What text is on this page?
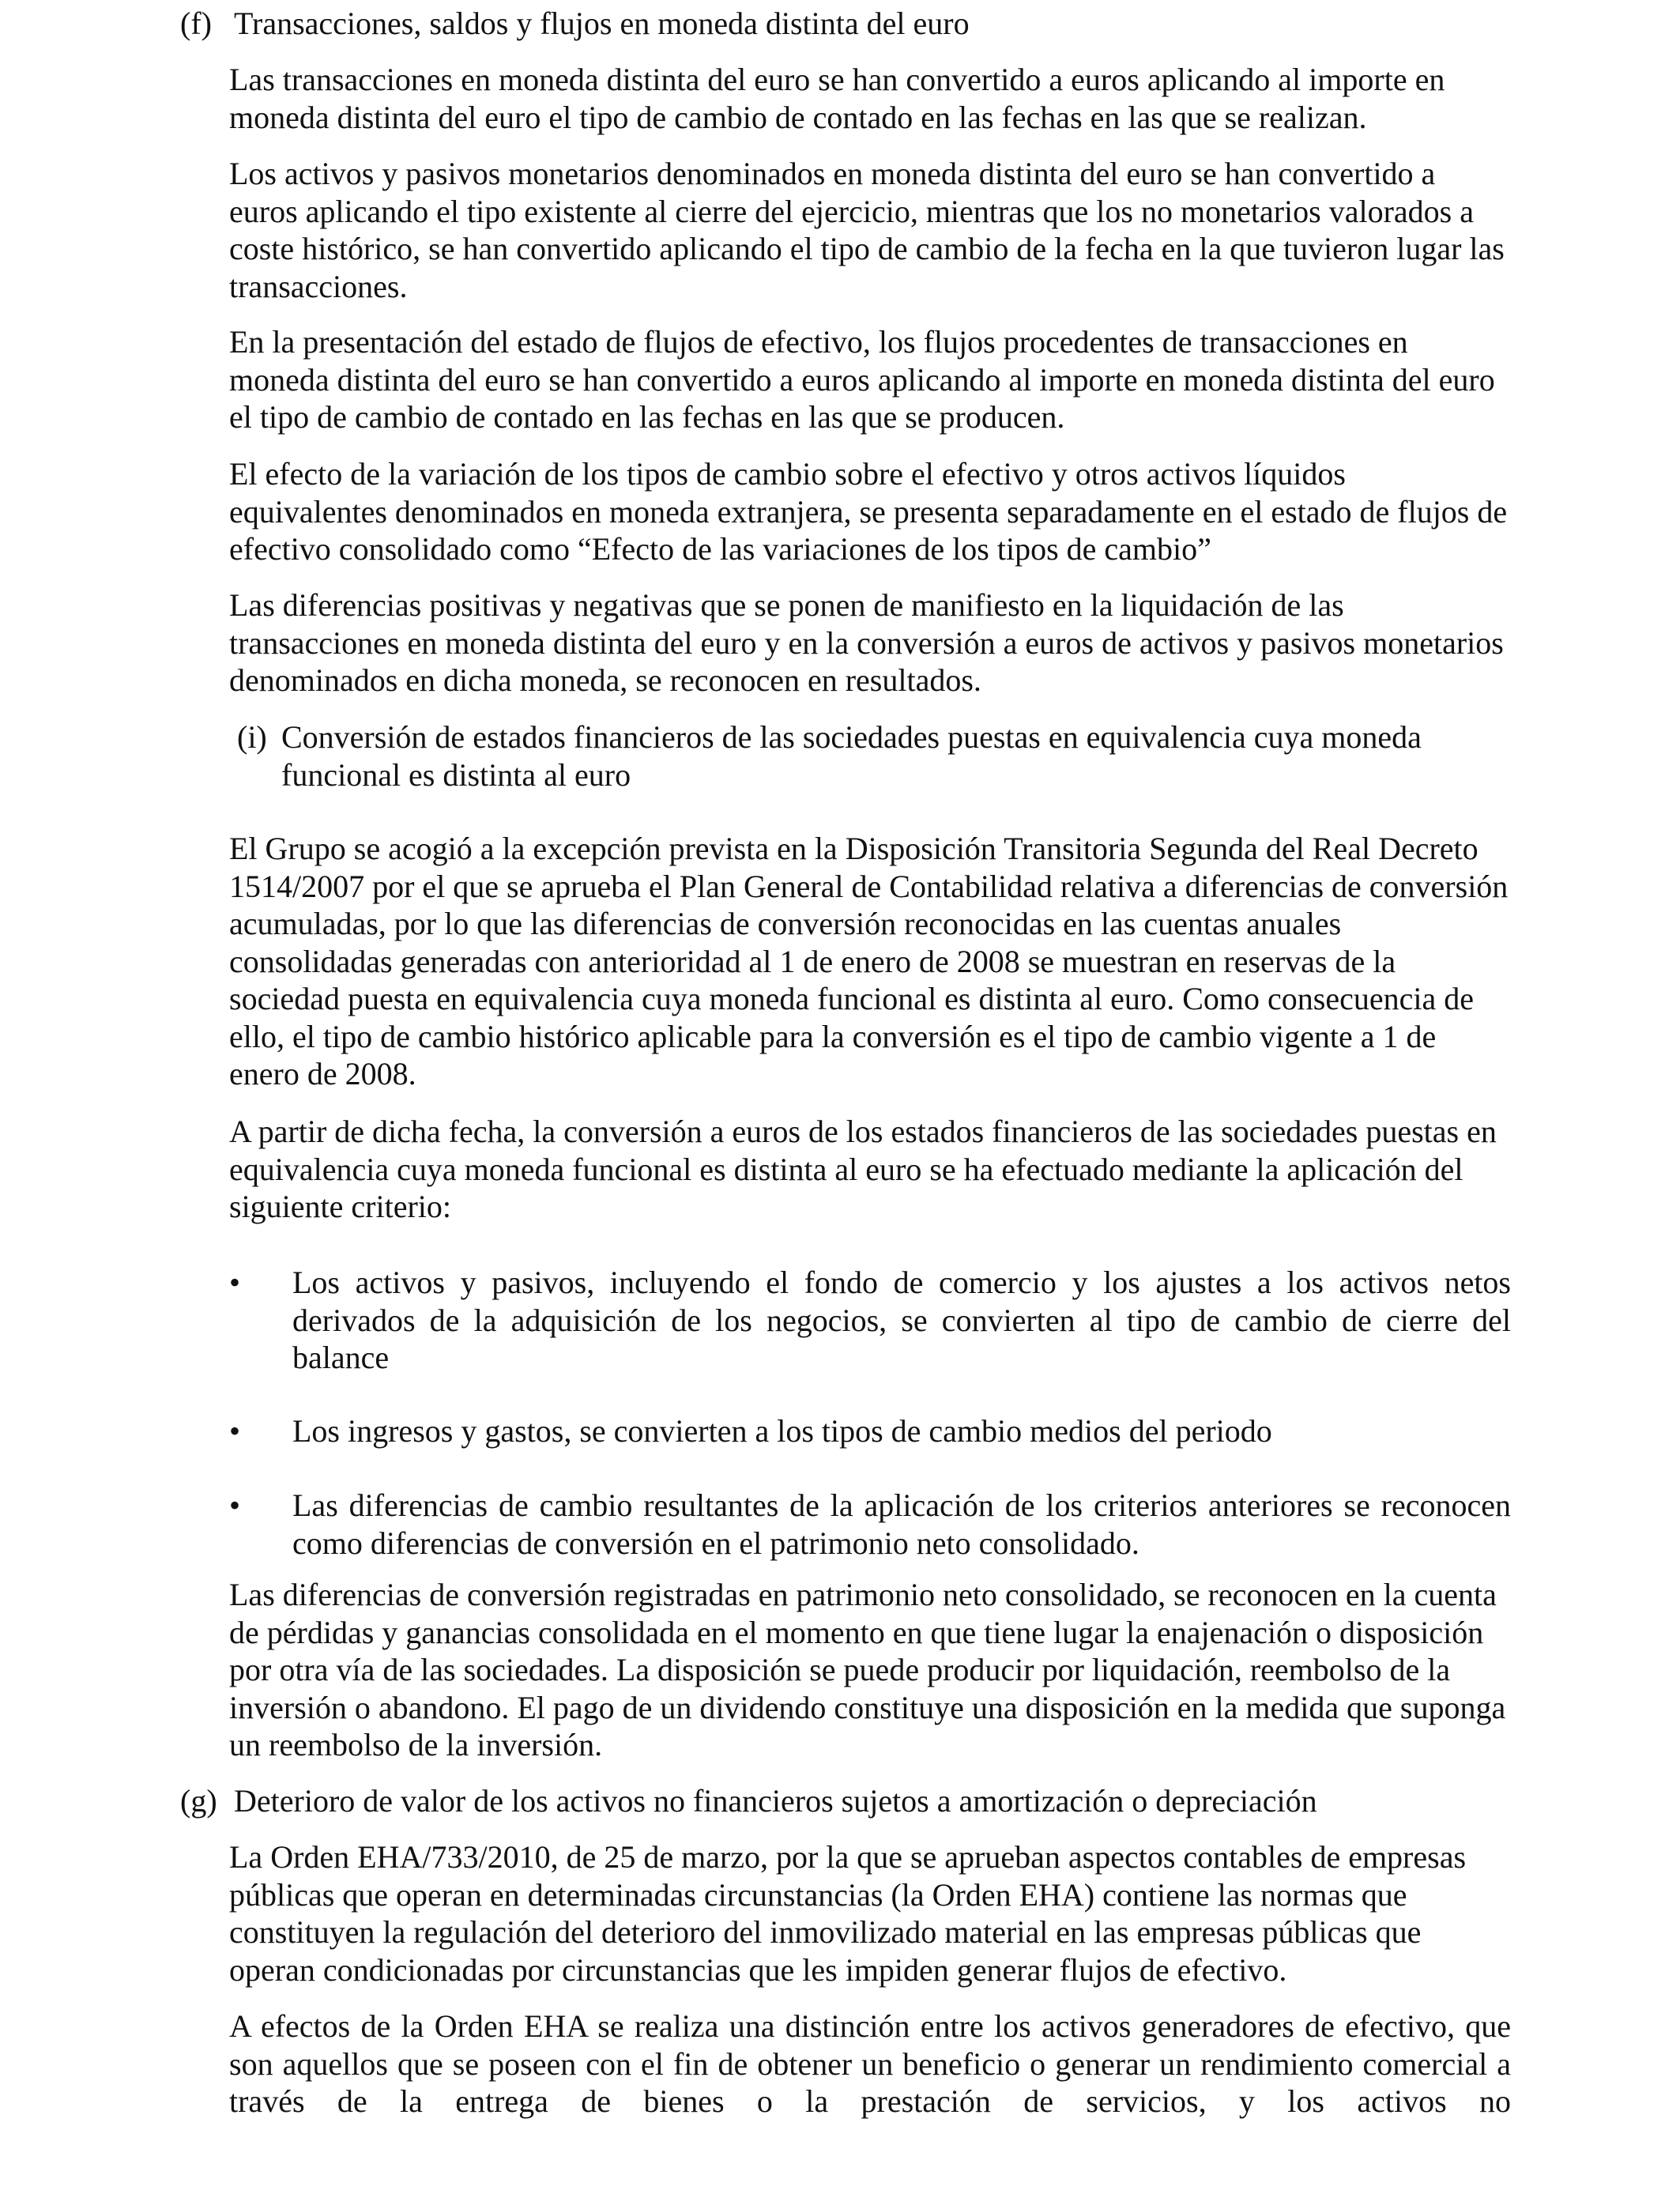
(f) Transacciones, saldos y flujos en moneda distinta del euro

Las transacciones en moneda distinta del euro se han convertido a euros aplicando al importe en moneda distinta del euro el tipo de cambio de contado en las fechas en las que se realizan.

Los activos y pasivos monetarios denominados en moneda distinta del euro se han convertido a euros aplicando el tipo existente al cierre del ejercicio, mientras que los no monetarios valorados a coste histórico, se han convertido aplicando el tipo de cambio de la fecha en la que tuvieron lugar las transacciones.

En la presentación del estado de flujos de efectivo, los flujos procedentes de transacciones en moneda distinta del euro se han convertido a euros aplicando al importe en moneda distinta del euro el tipo de cambio de contado en las fechas en las que se producen.

El efecto de la variación de los tipos de cambio sobre el efectivo y otros activos líquidos equivalentes denominados en moneda extranjera, se presenta separadamente en el estado de flujos de efectivo consolidado como “Efecto de las variaciones de los tipos de cambio”

Las diferencias positivas y negativas que se ponen de manifiesto en la liquidación de las transacciones en moneda distinta del euro y en la conversión a euros de activos y pasivos monetarios denominados en dicha moneda, se reconocen en resultados.

(i) Conversión de estados financieros de las sociedades puestas en equivalencia cuya moneda funcional es distinta al euro

El Grupo se acogió a la excepción prevista en la Disposición Transitoria Segunda del Real Decreto 1514/2007 por el que se aprueba el Plan General de Contabilidad relativa a diferencias de conversión acumuladas, por lo que las diferencias de conversión reconocidas en las cuentas anuales consolidadas generadas con anterioridad al 1 de enero de 2008 se muestran en reservas de la sociedad puesta en equivalencia cuya moneda funcional es distinta al euro. Como consecuencia de ello, el tipo de cambio histórico aplicable para la conversión es el tipo de cambio vigente a 1 de enero de 2008.

A partir de dicha fecha, la conversión a euros de los estados financieros de las sociedades puestas en equivalencia cuya moneda funcional es distinta al euro se ha efectuado mediante la aplicación del siguiente criterio:

•	Los activos y pasivos, incluyendo el fondo de comercio y los ajustes a los activos netos derivados de la adquisición de los negocios, se convierten al tipo de cambio de cierre del balance
•	Los ingresos y gastos, se convierten a los tipos de cambio medios del periodo
•	Las diferencias de cambio resultantes de la aplicación de los criterios anteriores se reconocen como diferencias de conversión en el patrimonio neto consolidado.

Las diferencias de conversión registradas en patrimonio neto consolidado, se reconocen en la cuenta de pérdidas y ganancias consolidada en el momento en que tiene lugar la enajenación o disposición por otra vía de las sociedades. La disposición se puede producir por liquidación, reembolso de la inversión o abandono. El pago de un dividendo constituye una disposición en la medida que suponga un reembolso de la inversión.

(g) Deterioro de valor de los activos no financieros sujetos a amortización o depreciación

La Orden EHA/733/2010, de 25 de marzo, por la que se aprueban aspectos contables de empresas públicas que operan en determinadas circunstancias (la Orden EHA) contiene las normas que constituyen la regulación del deterioro del inmovilizado material en las empresas públicas que operan condicionadas por circunstancias que les impiden generar flujos de efectivo.

A efectos de la Orden EHA se realiza una distinción entre los activos generadores de efectivo, que son aquellos que se poseen con el fin de obtener un beneficio o generar un rendimiento comercial a través de la entrega de bienes o la prestación de servicios, y los activos no
